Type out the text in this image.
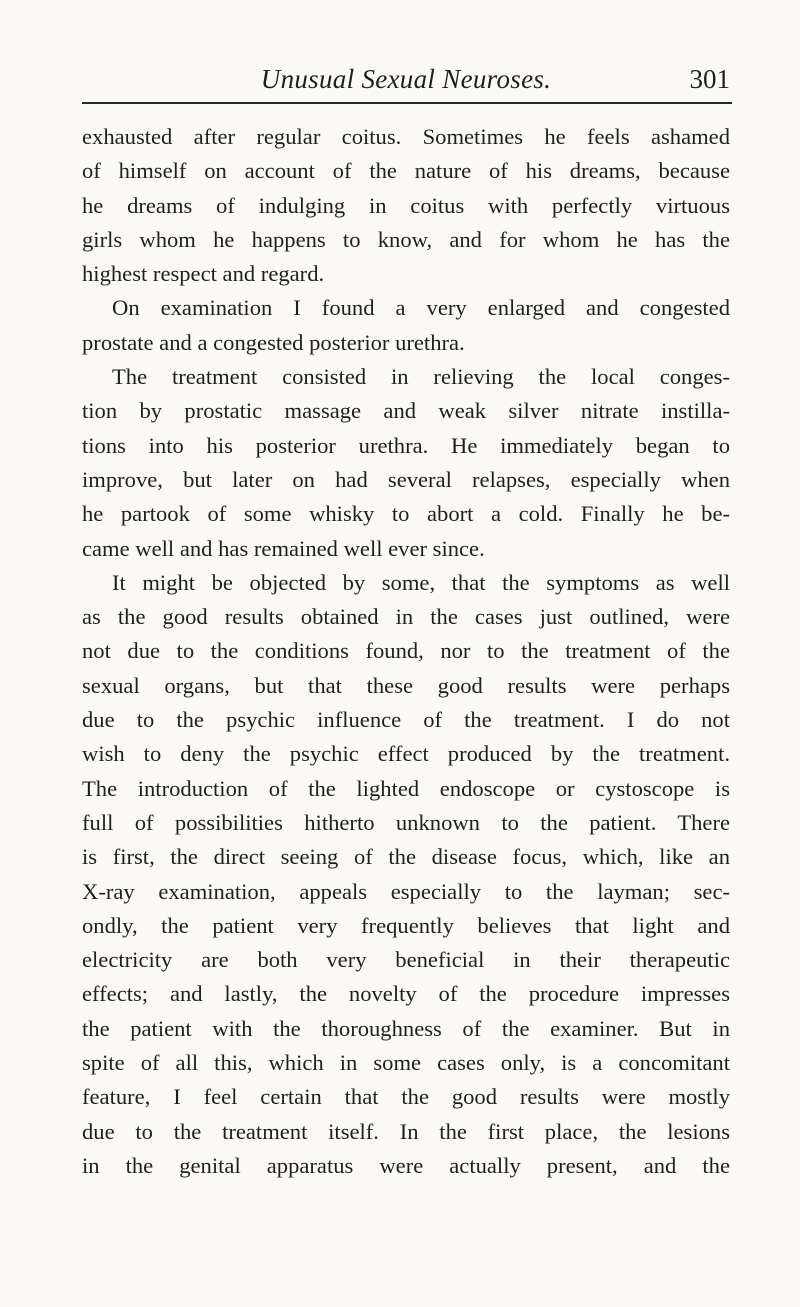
Unusual Sexual Neuroses.	301
exhausted after regular coitus. Sometimes he feels ashamed
of himself on account of the nature of his dreams, because
he dreams of indulging in coitus with perfectly virtuous
girls whom he happens to know, and for whom he has the
highest respect and regard.
On examination I found a very enlarged and congested
prostate and a congested posterior urethra.
The treatment consisted in relieving the local conges-
tion by prostatic massage and weak silver nitrate instilla-
tions into his posterior urethra. He immediately began to
improve, but later on had several relapses, especially when
he partook of some whisky to abort a cold. Finally he be-
came well and has remained well ever since.
It might be objected by some, that the symptoms as well
as the good results obtained in the cases just outlined, were
not due to the conditions found, nor to the treatment of the
sexual organs, but that these good results were perhaps
due to the psychic influence of the treatment. I do not
wish to deny the psychic effect produced by the treatment.
The introduction of the lighted endoscope or cystoscope is
full of possibilities hitherto unknown to the patient. There
is first, the direct seeing of the disease focus, which, like an
X-ray examination, appeals especially to the layman; sec-
ondly, the patient very frequently believes that light and
electricity are both very beneficial in their therapeutic
effects; and lastly, the novelty of the procedure impresses
the patient with the thoroughness of the examiner. But in
spite of all this, which in some cases only, is a concomitant
feature, I feel certain that the good results were mostly
due to the treatment itself. In the first place, the lesions
in the genital apparatus were actually present, and the
